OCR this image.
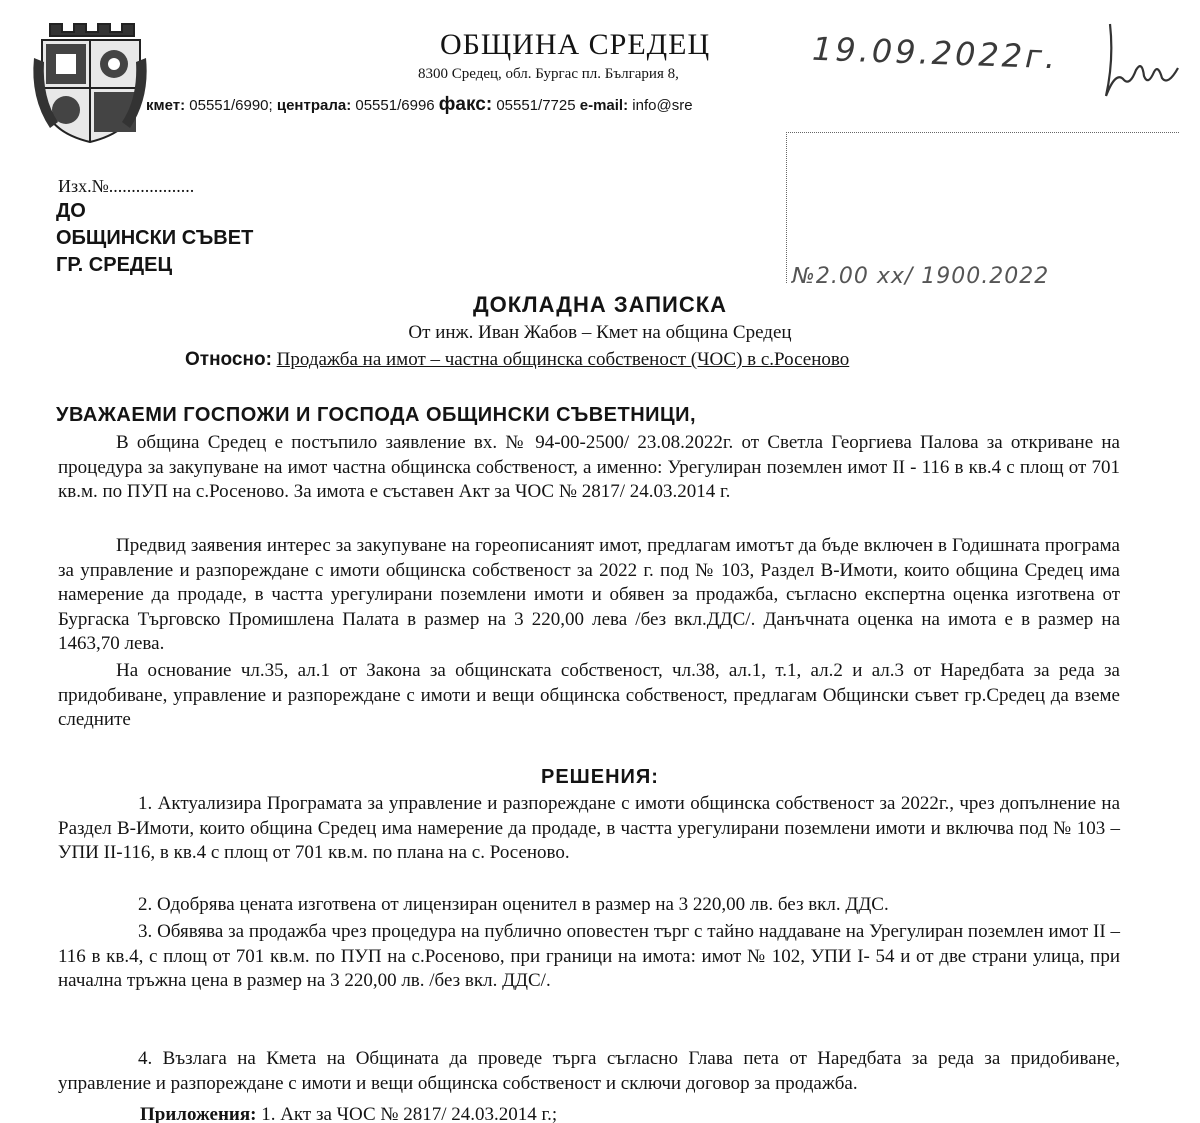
ОБЩИНА СРЕДЕЦ
8300 Средец, обл. Бургас пл. България 8,
кмет: 05551/6990; централа: 05551/6996 факс: 05551/7725 e-mail: info@sre
19.09.2022г.
№2.00 хх/ 1900.2022
Изх.№...................
ДО
ОБЩИНСКИ СЪВЕТ
ГР. СРЕДЕЦ
ДОКЛАДНА ЗАПИСКА
От инж. Иван Жабов – Кмет на община Средец
Относно: Продажба на имот – частна общинска собственост (ЧОС) в с.Росеново
УВАЖАЕМИ ГОСПОЖИ И ГОСПОДА ОБЩИНСКИ СЪВЕТНИЦИ,

В община Средец е постъпило заявление вх. № 94-00-2500/ 23.08.2022г. от Светла Георгиева Палова за откриване на процедура за закупуване на имот частна общинска собственост, а именно: Урегулиран поземлен имот II - 116 в кв.4 с площ от 701 кв.м. по ПУП на с.Росеново. За имота е съставен Акт за ЧОС № 2817/ 24.03.2014 г.

Предвид заявения интерес за закупуване на гореописаният имот, предлагам имотът да бъде включен в Годишната програма за управление и разпореждане с имоти общинска собственост за 2022 г. под № 103, Раздел В-Имоти, които община Средец има намерение да продаде, в частта урегулирани поземлени имоти и обявен за продажба, съгласно експертна оценка изготвена от Бургаска Търговско Промишлена Палата в размер на 3 220,00 лева /без вкл.ДДС/. Данъчната оценка на имота е в размер на 1463,70 лева.

На основание чл.35, ал.1 от Закона за общинската собственост, чл.38, ал.1, т.1, ал.2 и ал.3 от Наредбата за реда за придобиване, управление и разпореждане с имоти и вещи общинска собственост, предлагам Общински съвет гр.Средец да вземе следните

РЕШЕНИЯ:

1. Актуализира Програмата за управление и разпореждане с имоти общинска собственост за 2022г., чрез допълнение на Раздел В-Имоти, които община Средец има намерение да продаде, в частта урегулирани поземлени имоти и включва под № 103 – УПИ II-116, в кв.4 с площ от 701 кв.м. по плана на с. Росеново.

2. Одобрява цената изготвена от лицензиран оценител в размер на 3 220,00 лв. без вкл. ДДС.

3. Обявява за продажба чрез процедура на публично оповестен търг с тайно наддаване на Урегулиран поземлен имот II – 116 в кв.4, с площ от 701 кв.м. по ПУП на с.Росеново, при граници на имота: имот № 102, УПИ I- 54 и от две страни улица, при начална тръжна цена в размер на 3 220,00 лв. /без вкл. ДДС/.

4. Възлага на Кмета на Общината да проведе търга съгласно Глава пета от Наредбата за реда за придобиване, управление и разпореждане с имоти и вещи общинска собственост и сключи договор за продажба.

Приложения: 1. Акт за ЧОС № 2817/ 24.03.2014 г.;
